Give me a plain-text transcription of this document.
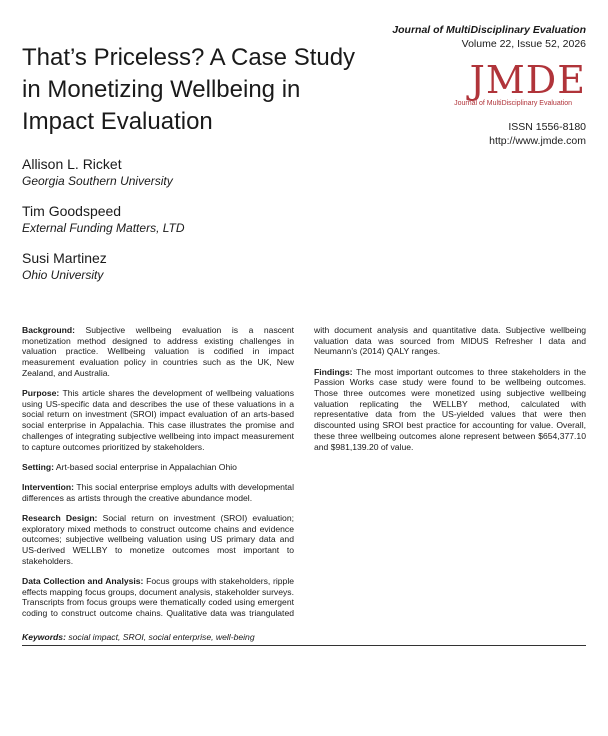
That’s Priceless? A Case Study in Monetizing Wellbeing in Impact Evaluation
Journal of MultiDisciplinary Evaluation
Volume 22, Issue 52, 2026
JMDE
Journal of MultiDisciplinary Evaluation
ISSN 1556-8180
http://www.jmde.com
Allison L. Ricket
Georgia Southern University
Tim Goodspeed
External Funding Matters, LTD
Susi Martinez
Ohio University

Background: Subjective wellbeing evaluation is a nascent monetization method designed to address existing challenges in valuation practice. Wellbeing valuation is codified in impact measurement evaluation policy in countries such as the UK, New Zealand, and Australia.

Purpose: This article shares the development of wellbeing valuations using US-specific data and describes the use of these valuations in a social return on investment (SROI) impact evaluation of an arts-based social enterprise in Appalachia. This case illustrates the promise and challenges of integrating subjective wellbeing into impact measurement to capture outcomes prioritized by stakeholders.

Setting: Art-based social enterprise in Appalachian Ohio

Intervention: This social enterprise employs adults with developmental differences as artists through the creative abundance model.

Research Design: Social return on investment (SROI) evaluation; exploratory mixed methods to construct outcome chains and evidence outcomes; subjective wellbeing valuation using US primary data and US-derived WELLBY to monetize outcomes most important to stakeholders.

Data Collection and Analysis: Focus groups with stakeholders, ripple effects mapping focus groups, document analysis, stakeholder surveys. Transcripts from focus groups were thematically coded using emergent coding to construct outcome chains. Qualitative data was triangulated with document analysis and quantitative data. Subjective wellbeing valuation data was sourced from MIDUS Refresher I data and Neumann’s (2014) QALY ranges.

Findings: The most important outcomes to three stakeholders in the Passion Works case study were found to be wellbeing outcomes. Those three outcomes were monetized using subjective wellbeing valuation replicating the WELLBY method, calculated with representative data from the US-yielded values that were then discounted using SROI best practice for accounting for value. Overall, these three wellbeing outcomes alone represent between $654,377.10 and $981,139.20 of value.

Keywords: social impact, SROI, social enterprise, well-being
